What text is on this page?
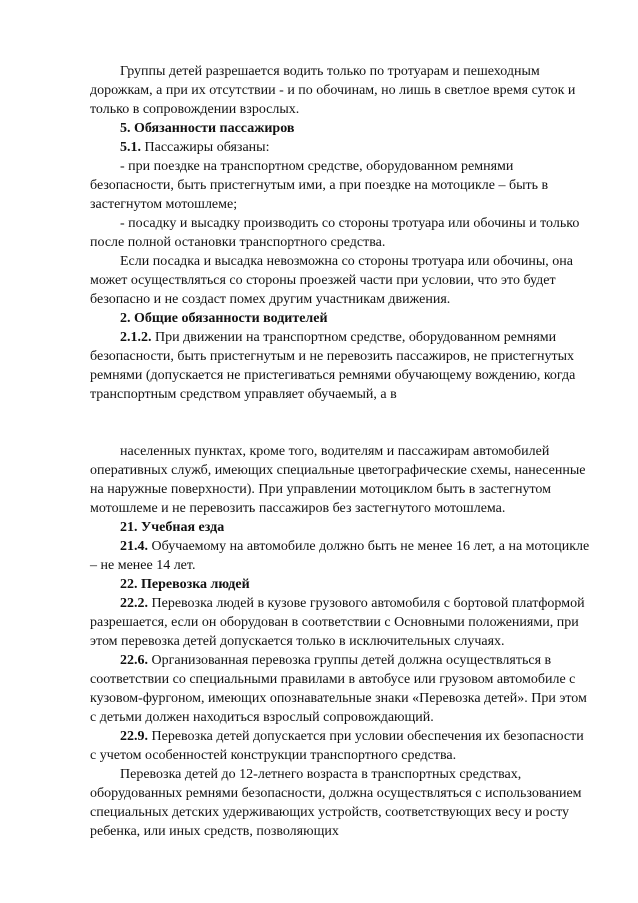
Группы детей разрешается водить только по тротуарам и пешеходным дорожкам, а при их отсутствии - и по обочинам, но лишь в светлое время суток и только в сопровождении взрослых.

5. Обязанности пассажиров

5.1. Пассажиры обязаны:

- при поездке на транспортном средстве, оборудованном ремнями безопасности, быть пристегнутым ими, а при поездке на мотоцикле – быть в застегнутом мотошлеме;

- посадку и высадку производить со стороны тротуара или обочины и только после полной остановки транспортного средства.

Если посадка и высадка невозможна со стороны тротуара или обочины, она может осуществляться со стороны проезжей части при условии, что это будет безопасно и не создаст помех другим участникам движения.

2. Общие обязанности водителей

2.1.2. При движении на транспортном средстве, оборудованном ремнями безопасности, быть пристегнутым и не перевозить пассажиров, не пристегнутых ремнями (допускается не пристегиваться ремнями обучающему вождению, когда транспортным средством управляет обучаемый, а в

населенных пунктах, кроме того, водителям и пассажирам автомобилей оперативных служб, имеющих специальные цветографические схемы, нанесенные на наружные поверхности). При управлении мотоциклом быть в застегнутом мотошлеме и не перевозить пассажиров без застегнутого мотошлема.

21. Учебная езда

21.4. Обучаемому на автомобиле должно быть не менее 16 лет, а на мотоцикле – не менее 14 лет.

22. Перевозка людей

22.2. Перевозка людей в кузове грузового автомобиля с бортовой платформой разрешается, если он оборудован в соответствии с Основными положениями, при этом перевозка детей допускается только в исключительных случаях.

22.6. Организованная перевозка группы детей должна осуществляться в соответствии со специальными правилами в автобусе или грузовом автомобиле с кузовом-фургоном, имеющих опознавательные знаки «Перевозка детей». При этом с детьми должен находиться взрослый сопровождающий.

22.9. Перевозка детей допускается при условии обеспечения их безопасности с учетом особенностей конструкции транспортного средства.

Перевозка детей до 12-летнего возраста в транспортных средствах, оборудованных ремнями безопасности, должна осуществляться с использованием специальных детских удерживающих устройств, соответствующих весу и росту ребенка, или иных средств, позволяющих
